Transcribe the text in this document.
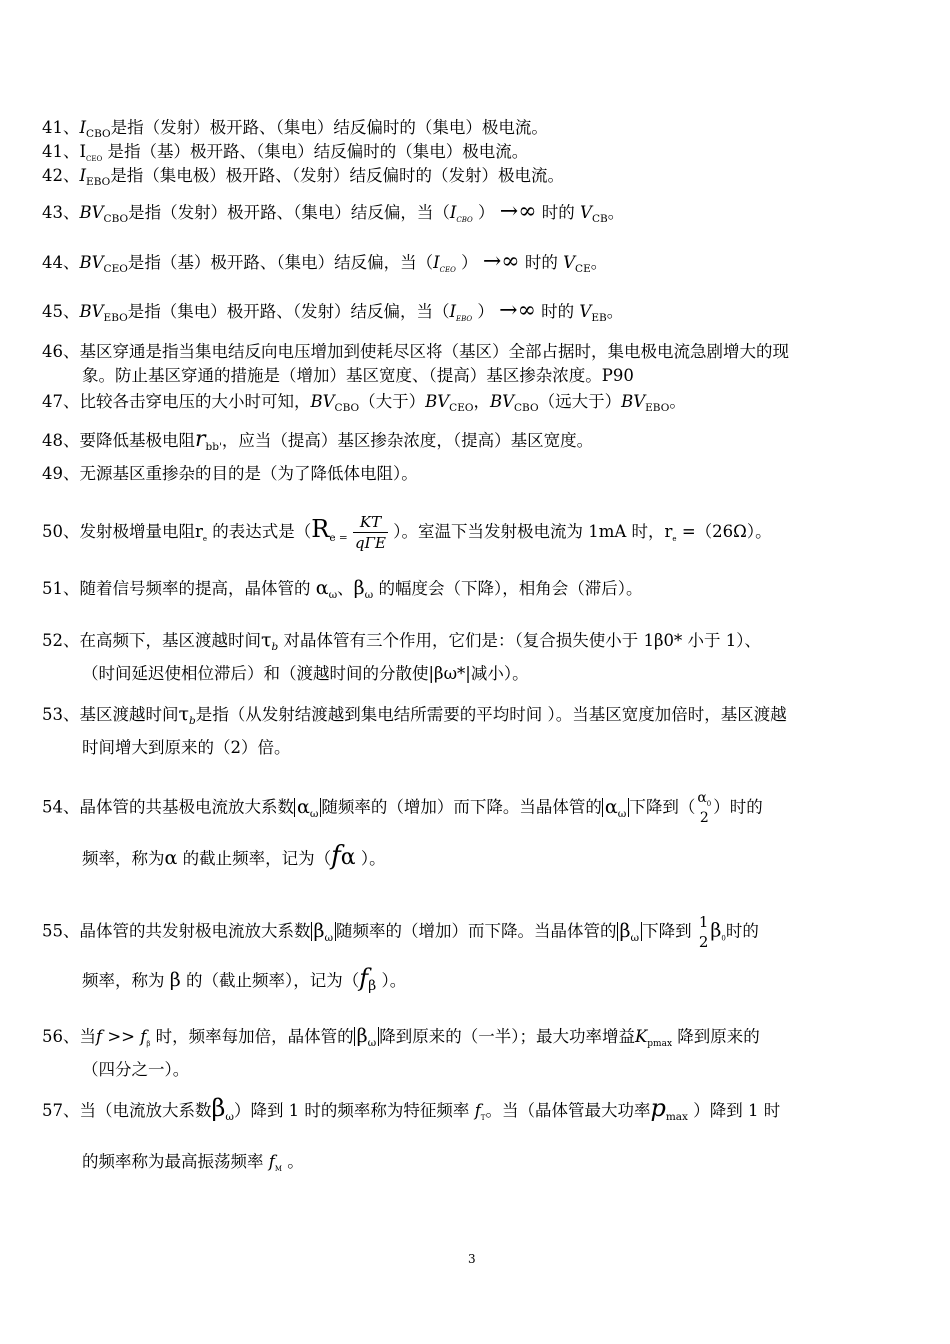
41、$I_{CBO}$是指（发射）极开路、（集电）结反偏时的（集电）极电流。
41、$I_{CEO}$ 是指（基）极开路、（集电）结反偏时的（集电）极电流。
42、$I_{EBO}$是指（集电极）极开路、（发射）结反偏时的（发射）极电流。
43、$BV_{CBO}$是指（发射）极开路、（集电）结反偏，当（$I_{CBO}$ ） →∞ 时的 $V_{CB}$。
44、$BV_{CEO}$是指（基）极开路、（集电）结反偏，当（$I_{CEO}$ ） →∞ 时的 $V_{CE}$。
45、$BV_{EBO}$是指（集电）极开路、（发射）结反偏，当（$I_{EBO}$ ） →∞ 时的 $V_{EB}$。
46、基区穿通是指当集电结反向电压增加到使耗尽区将（基区）全部占据时，集电极电流急剧增大的现
象。防止基区穿通的措施是（增加）基区宽度、（提高）基区掺杂浓度。P90
47、比较各击穿电压的大小时可知，$BV_{CBO}$（大于）$BV_{CEO}$，$BV_{CBO}$（远大于）$BV_{EBO}$。
48、要降低基极电阻$r_{bb'}$，应当（提高）基区掺杂浓度，（提高）基区宽度。
49、无源基区重掺杂的目的是（为了降低体电阻）。
50、发射极增量电阻$r_e$ 的表达式是（$R_{e =} \frac{KT}{\text{qΓE}}$ ）。室温下当发射极电流为 1mA 时，$r_e =(26\Omega)$。
51、随着信号频率的提高，晶体管的 $\alpha_\omega$、$\beta_\omega$ 的幅度会（下降），相角会（滞后）。
52、在高频下，基区渡越时间$\tau_b$ 对晶体管有三个作用，它们是：（复合损失使小于 1β0* 小于 1）、
（时间延迟使相位滞后）和（渡越时间的分散使|βω*|减小）。
53、基区渡越时间$\tau_b$是指（从发射结渡越到集电结所需要的平均时间 ）。当基区宽度加倍时，基区渡越
时间增大到原来的（2）倍。
54、晶体管的共基极电流放大系数 $\alpha_\omega$ 随频率的（增加）而下降。当晶体管的 $\alpha_\omega$ 下降到（ $\alpha_0$
2
）时的
频率，称为α 的截止频率，记为（fα ）。
55、晶体管的共发射极电流放大系数 $\beta_\omega$ 随频率的（增加）而下降。当晶体管的 $\beta_\omega$ 下降到 1
2
$\beta_0$时的
频率，称为 β 的（截止频率），记为（$f_\beta$ ）。
56、当$f >> f_\beta$ 时，频率每加倍，晶体管的 $\beta_\omega$ 降到原来的（一半）；最大功率增益$K_{pmax}$ 降到原来的
（四分之一）。
57、当（电流放大系数$\beta_\omega$）降到 1 时的频率称为特征频率 $f_T$。当（晶体管最大功率$p_{max}$ ）降到 1 时
的频率称为最高振荡频率 $f_M$ 。
3
